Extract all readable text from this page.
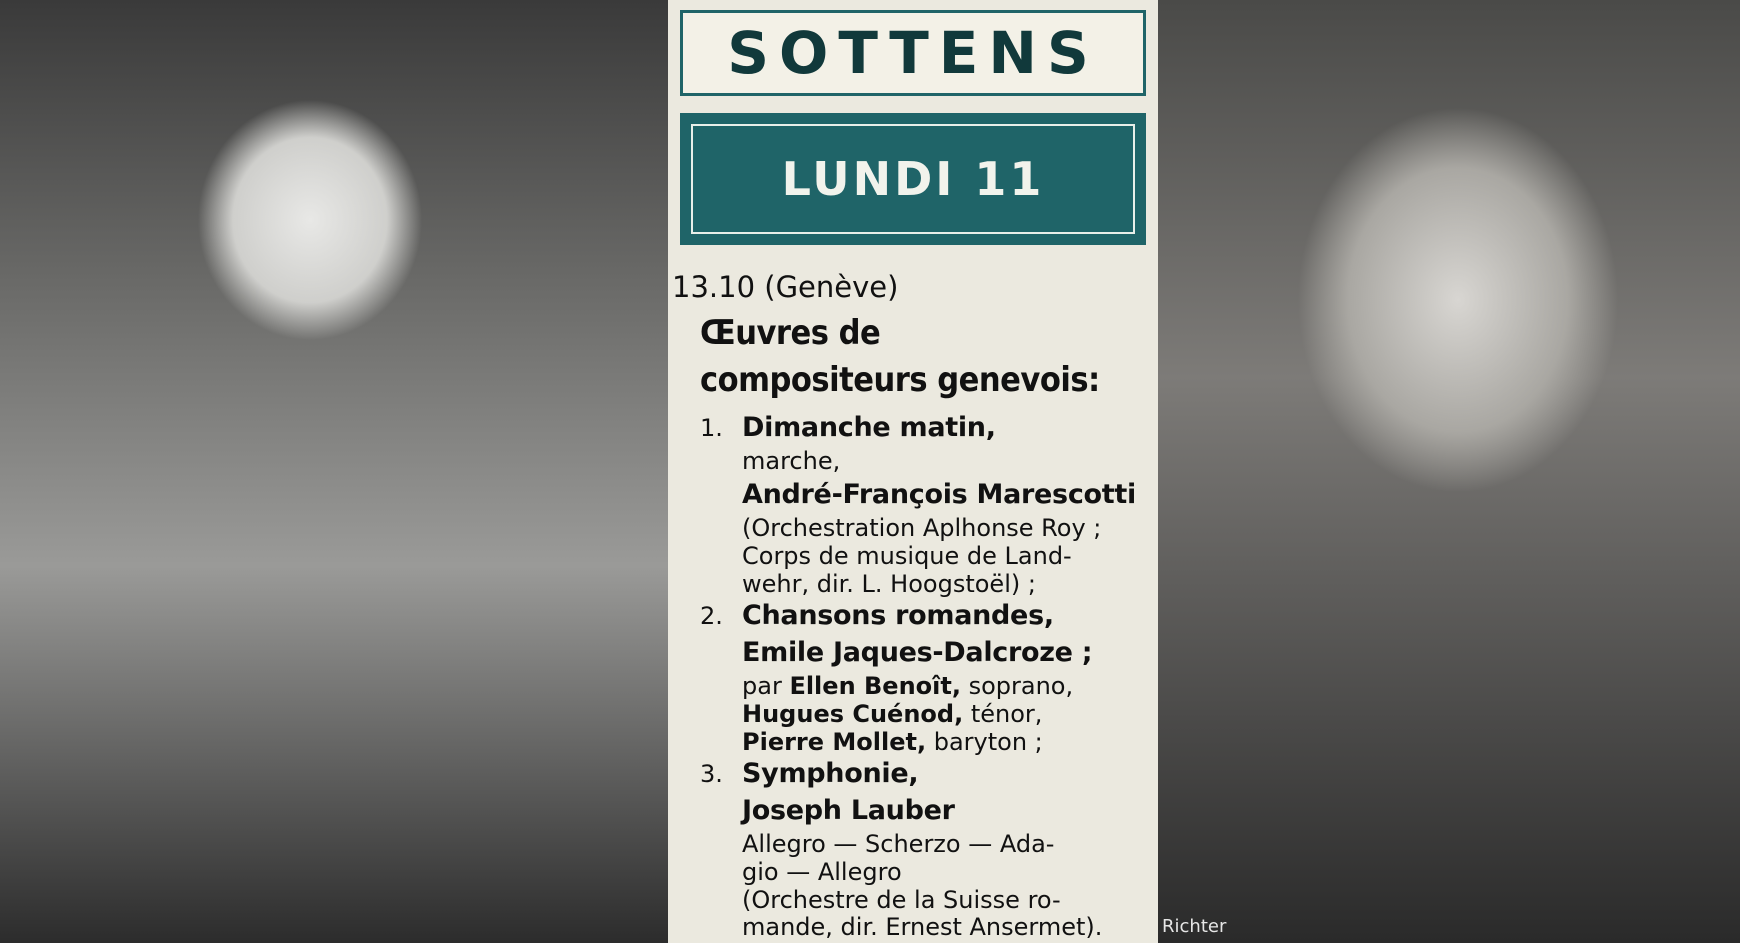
SOTTENS
LUNDI 11
13.10 (Genève)
Œuvres de
compositeurs genevois:
1. Dimanche matin,
marche,
André-François Marescotti
(Orchestration Aplhonse Roy ;
Corps de musique de Land-
wehr, dir. L. Hoogstoël) ;
2. Chansons romandes,
Emile Jaques-Dalcroze ;
par Ellen Benoît, soprano,
Hugues Cuénod, ténor,
Pierre Mollet, baryton ;
3. Symphonie,
Joseph Lauber
Allegro — Scherzo — Ada-
gio — Allegro
(Orchestre de la Suisse ro-
mande, dir. Ernest Ansermet).	Richter
